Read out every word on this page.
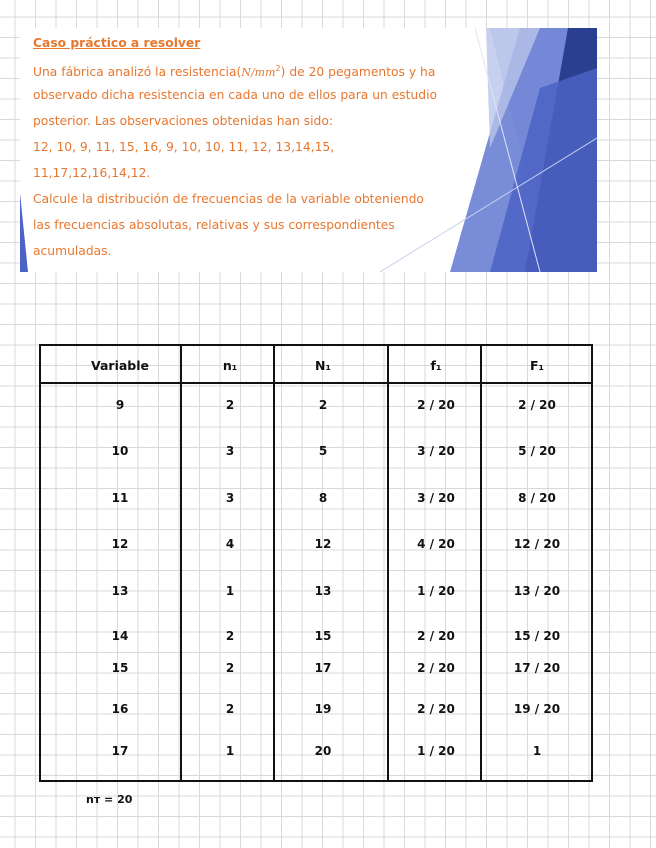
Caso práctico a resolver
Una fábrica analizó la $resistencia(N/mm^2)$ de 20 pegamentos y ha
observado dicha resistencia en cada uno de ellos para un estudio
posterior. Las observaciones obtenidas han sido:
12, 10, 9, 11, 15, 16, 9, 10, 10, 11, 12, 13,14,15,
11,17,12,16,14,12.
Calcule la distribución de frecuencias de la variable obteniendo
las frecuencias absolutas, relativas y sus correspondientes
acumuladas.
Variable	n₁	N₁	f₁	F₁
9	2	2	2 / 20	2 / 20
10	3	5	3 / 20	5 / 20
11	3	8	3 / 20	8 / 20
12	4	12	4 / 20	12 / 20
13	1	13	1 / 20	13 / 20
14	2	15	2 / 20	15 / 20
15	2	17	2 / 20	17 / 20
16	2	19	2 / 20	19 / 20
17	1	20	1 / 20	1
nт = 20
